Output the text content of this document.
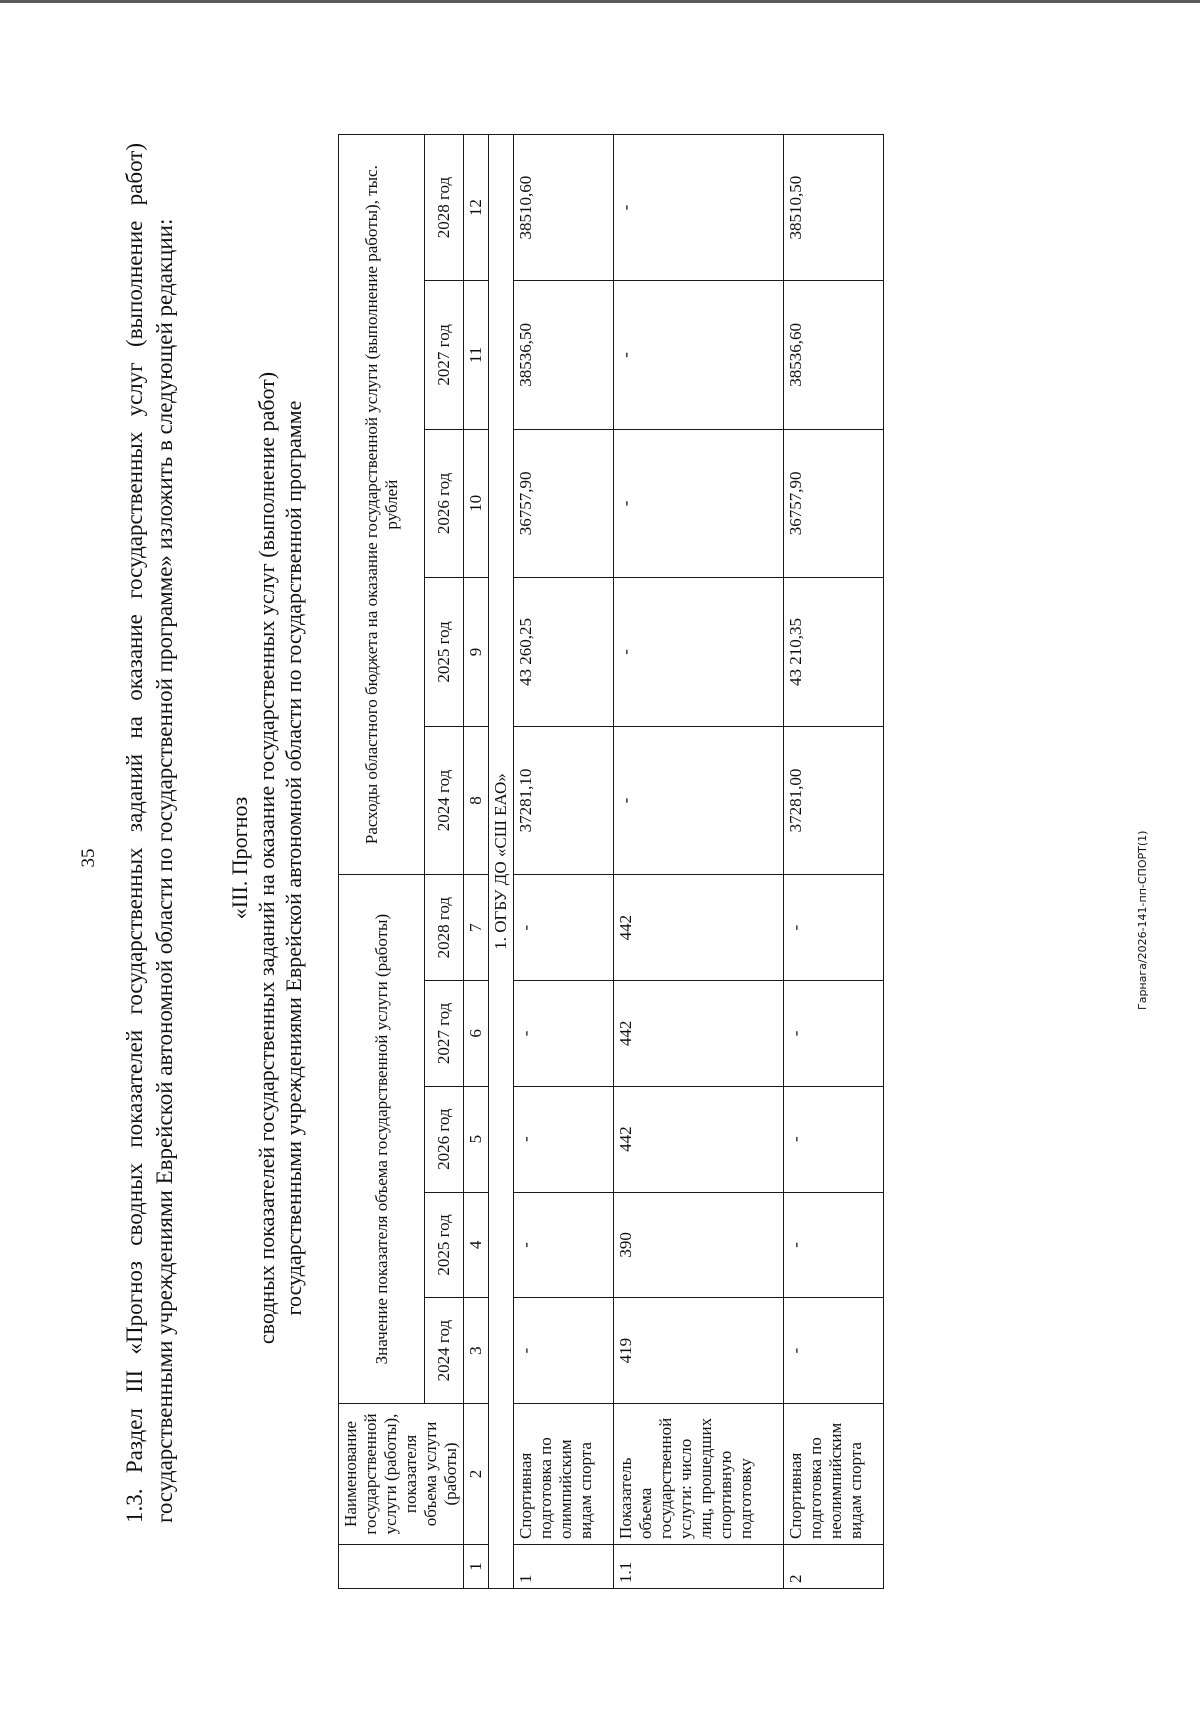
35 1.3. Раздел III «Прогноз сводных показателей государственных заданий на оказание государственных услуг (выполнение работ) государственными учреждениями Еврейской автономной области по государственной программе» изложить в следующей редакции: «III. Прогноз сводных показателей государственных заданий на оказание государственных услуг (выполнение работ) государственными учреждениями Еврейской автономной области по государственной программе
	Наименование государственной услуги (работы), показателя объема услуги (работы)	Значение показателя объема государственной услуги (работы)					Расходы областного бюджета на оказание государственной услуги (выполнение работы), тыс. рублей				
		2024 год	2025 год	2026 год	2027 год	2028 год	2024 год	2025 год	2026 год	2027 год	2028 год
1	2	3	4	5	6	7	8	9	10	11	12
1. ОГБУ ДО «СШ ЕАО»											
1	Спортивная подготовка по олимпийским видам спорта	-	-	-	-	-	37281,10	43 260,25	36757,90	38536,50	38510,60
1.1	Показатель объема государственной услуги: число лиц, прошедших спортивную подготовку	419	390	442	442	442	-	-	-	-	-
2	Спортивная подготовка по неолимпийским видам спорта	-	-	-	-	-	37281,00	43 210,35	36757,90	38536,60	38510,50
Гарнага/2026-141-пп-СПОРТ(1)
